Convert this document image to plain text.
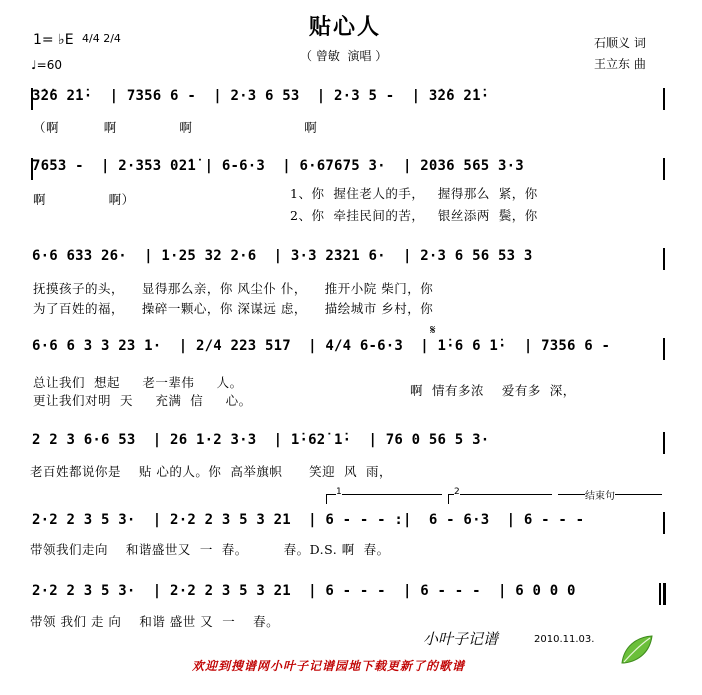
贴心人
（ 曾敏  演唱 ）
石顺义 词
王立东 曲
1= ♭E 4/4 2/4
♩=60
3̇2̇6 2̇1̇·  | 7356 6 -  | 2·3 6 53  | 2·3 5 -  | 3̇2̇6 2̇1̇·
（啊          啊              啊                         啊
7653 -  | 2·353 02̇1̇ | 6-6·3  | 6·67675 3·  | 2036 565 3·3
啊              啊）	1、你  握住老人的手，   握得那么  紧，你
2、你  牵挂民间的苦，   银丝添两  鬓，你
6·6 633 26·  | 1·25 32 2·6  | 3·3 2321 6·  | 2·3 6 56 53 3
抚摸孩子的头，    显得那么亲，你 风尘仆 仆，    推开小院 柴门，你
为了百姓的福，    操碎一颗心，你 深谋远 虑，    描绘城市 乡村，你
6·6 6 3 3 23 1·  | 2/4 223 517  | 4/4 6-6·3  | 1̇·6 6 1̇·  | 7356 6 -
总让我们  想起     老一辈伟     人。
更让我们对明  天     充满  信     心。
啊  情有多浓    爱有多  深，
𝄋
2 2 3 6·6 53  | 26 1·2 3·3  | 1̇·62̇ 1̇·  | 76 0 56 5 3·
老百姓都说你是    贴 心的人。你  高举旗帜      笑迎  风  雨，
1	2	结束句
2·2 2 3 5 3·  | 2·2 2 3 5 3 21  | 6 - - - :|  6 - 6·3  | 6 - - -
带领我们走向    和谐盛世又  一  春。        春。D.S. 啊  春。
2·2 2 3 5 3·  | 2·2 2 3 5 3 21  | 6 - - -  | 6 - - -  | 6 0 0 0
带领 我们 走 向    和谐 盛世 又  一    春。
小叶子记谱	2010.11.03.

欢迎到搜谱网小叶子记谱园地下载更新了的歌谱
